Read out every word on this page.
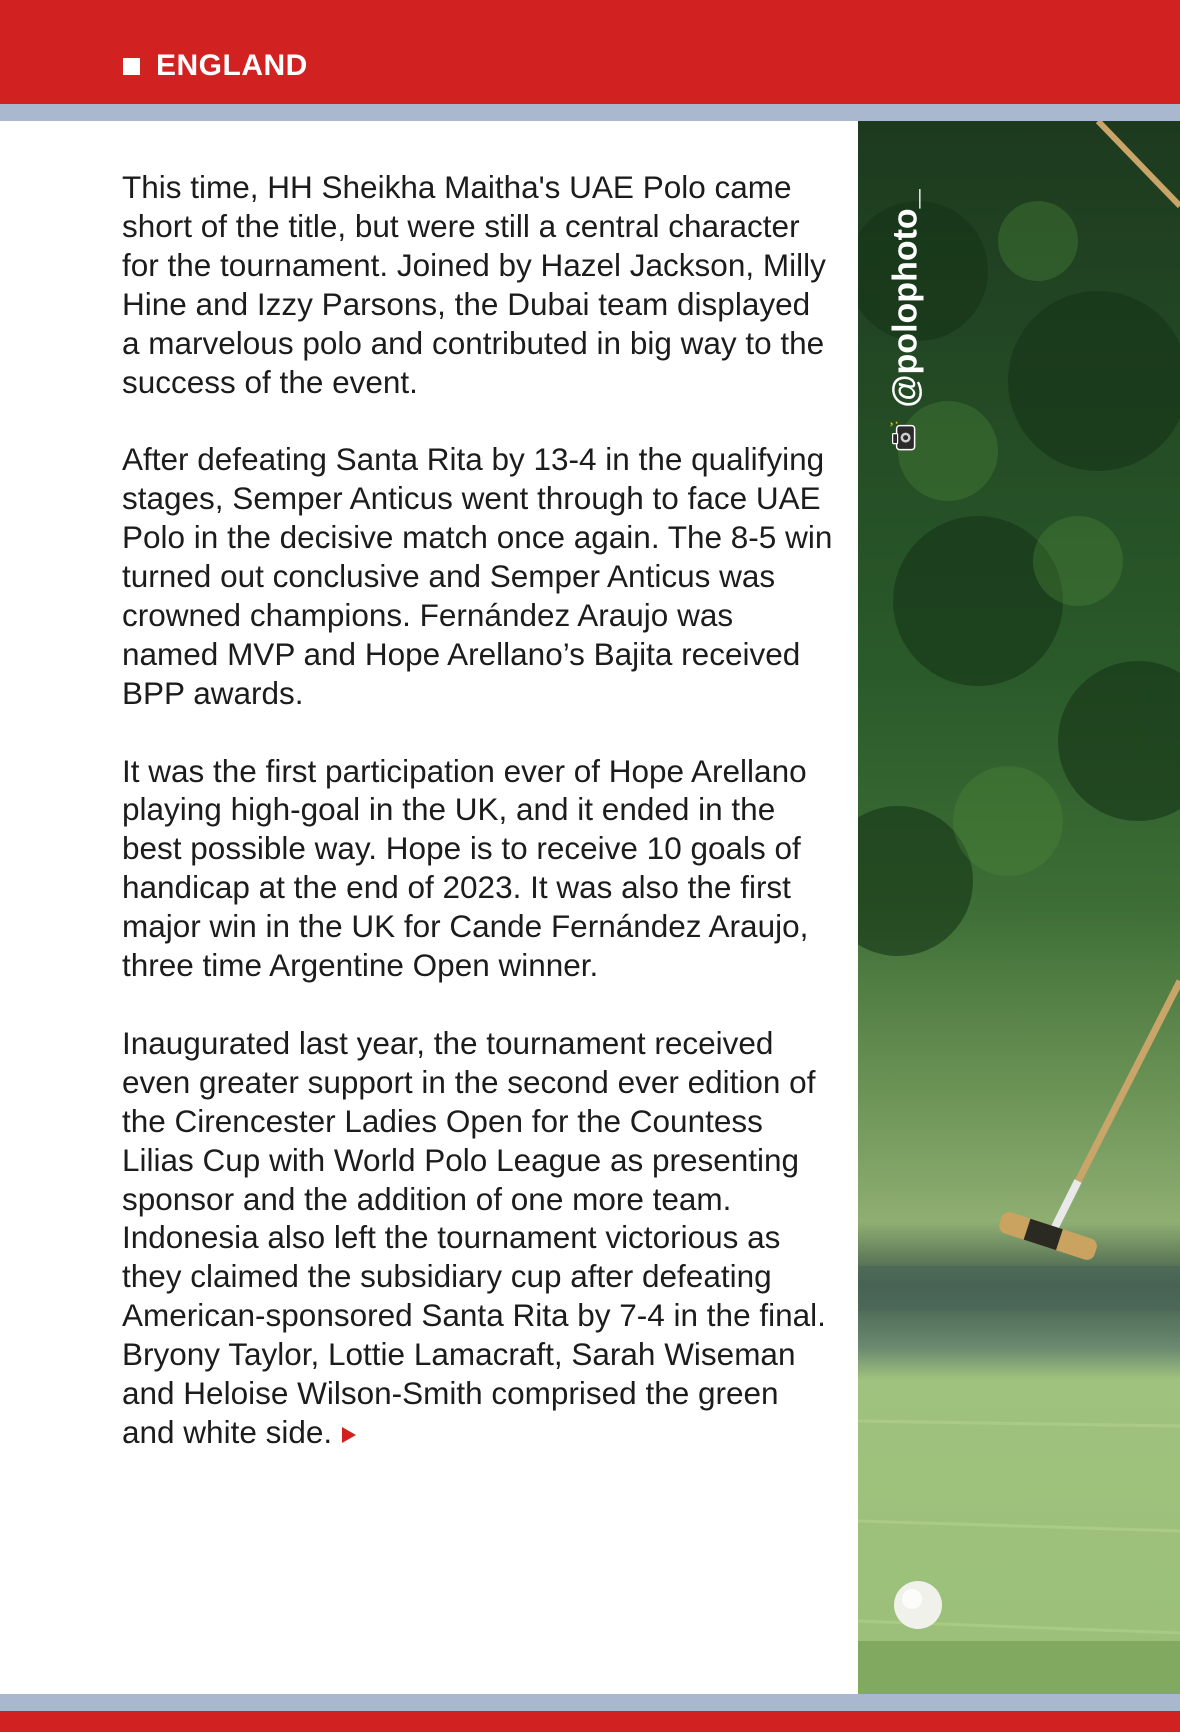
ENGLAND

This time, HH Sheikha Maitha's UAE Polo came short of the title, but were still a central character for the tournament. Joined by Hazel Jackson, Milly Hine and Izzy Parsons, the Dubai team displayed a marvelous polo and contributed in big way to the success of the event.

After defeating Santa Rita by 13-4 in the qualifying stages, Semper Anticus went through to face UAE Polo in the decisive match once again. The 8-5 win turned out conclusive and Semper Anticus was crowned champions. Fernández Araujo was named MVP and Hope Arellano’s Bajita received BPP awards.

It was the first participation ever of Hope Arellano playing high-goal in the UK, and it ended in the best possible way. Hope is to receive 10 goals of handicap at the end of 2023. It was also the first major win in the UK for Cande Fernández Araujo, three time Argentine Open winner.

Inaugurated last year, the tournament received even greater support in the second ever edition of the Cirencester Ladies Open for the Countess Lilias Cup with World Polo League as presenting sponsor and the addition of one more team. Indonesia also left the tournament victorious as they claimed the subsidiary cup after defeating American-sponsored Santa Rita by 7-4 in the final. Bryony Taylor, Lottie Lamacraft, Sarah Wiseman and Heloise Wilson-Smith comprised the green and white side.

@polophoto_
